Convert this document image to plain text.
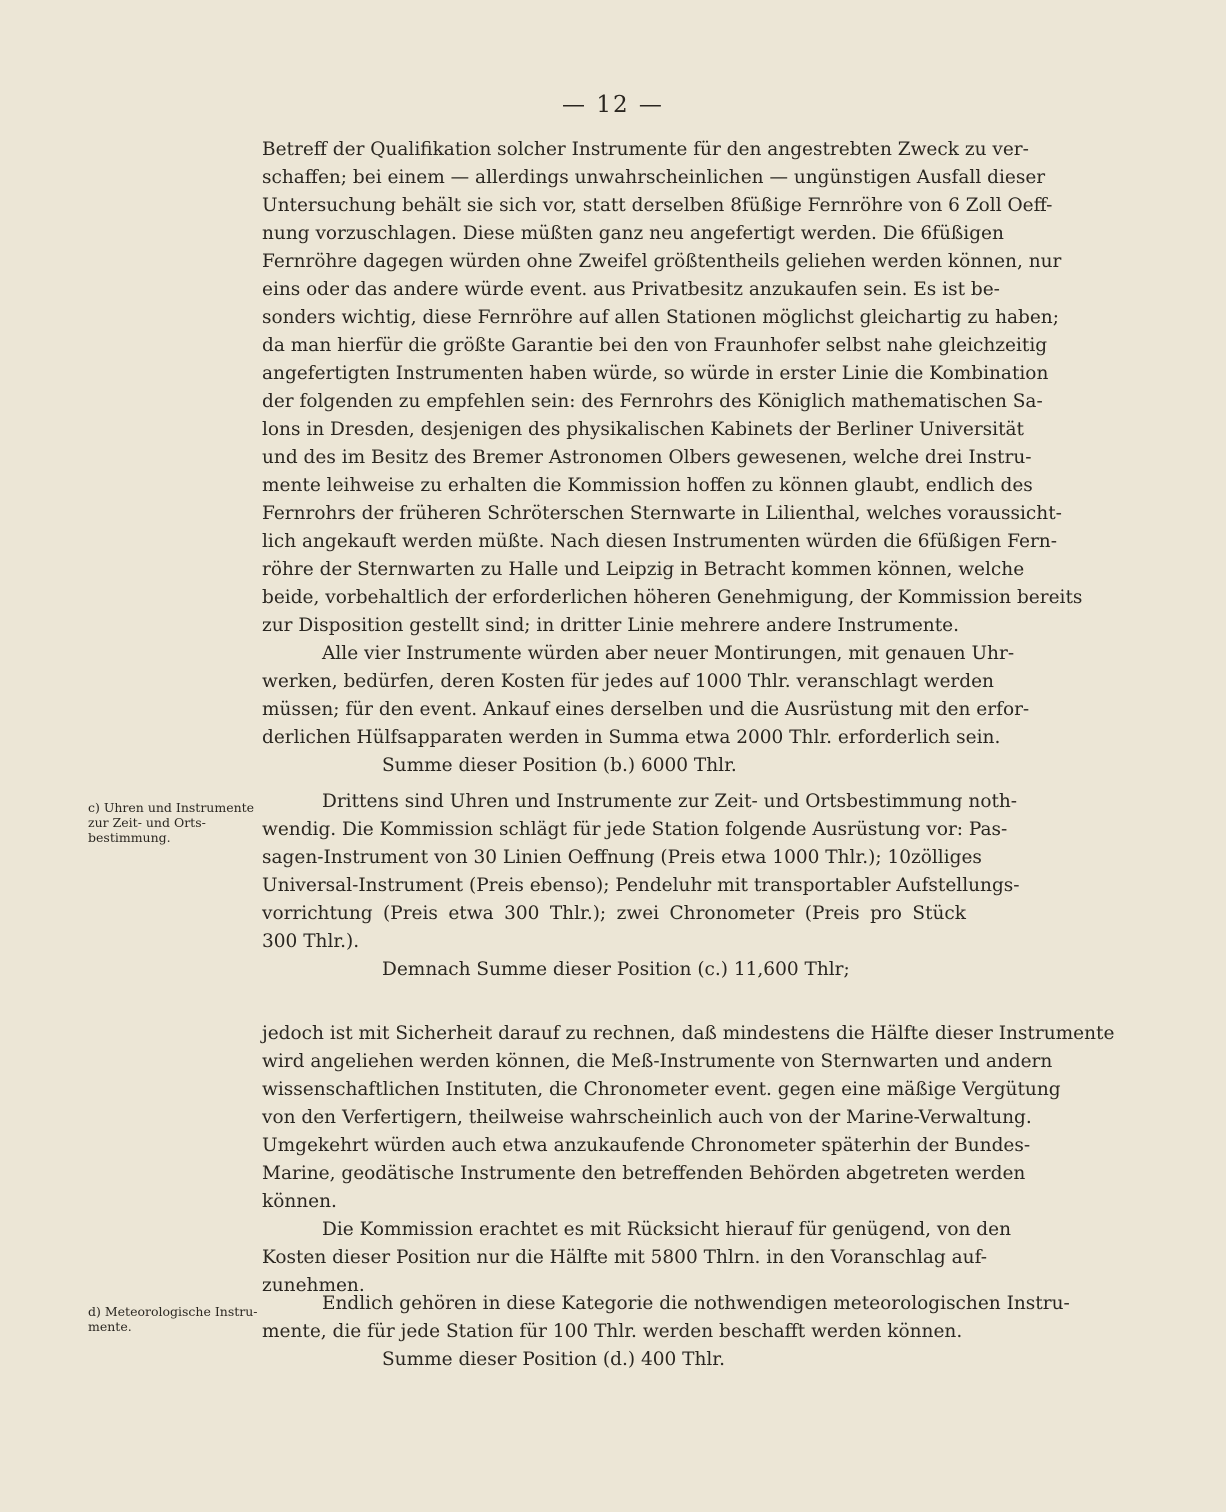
— 12 —
Betreff der Qualifikation solcher Instrumente für den angestrebten Zweck zu ver-
schaffen; bei einem — allerdings unwahrscheinlichen — ungünstigen Ausfall dieser
Untersuchung behält sie sich vor, statt derselben 8füßige Fernröhre von 6 Zoll Oeff-
nung vorzuschlagen. Diese müßten ganz neu angefertigt werden. Die 6füßigen
Fernröhre dagegen würden ohne Zweifel größtentheils geliehen werden können, nur
eins oder das andere würde event. aus Privatbesitz anzukaufen sein. Es ist be-
sonders wichtig, diese Fernröhre auf allen Stationen möglichst gleichartig zu haben;
da man hierfür die größte Garantie bei den von Fraunhofer selbst nahe gleichzeitig
angefertigten Instrumenten haben würde, so würde in erster Linie die Kombination
der folgenden zu empfehlen sein: des Fernrohrs des Königlich mathematischen Sa-
lons in Dresden, desjenigen des physikalischen Kabinets der Berliner Universität
und des im Besitz des Bremer Astronomen Olbers gewesenen, welche drei Instru-
mente leihweise zu erhalten die Kommission hoffen zu können glaubt, endlich des
Fernrohrs der früheren Schröterschen Sternwarte in Lilienthal, welches voraussicht-
lich angekauft werden müßte. Nach diesen Instrumenten würden die 6füßigen Fern-
röhre der Sternwarten zu Halle und Leipzig in Betracht kommen können, welche
beide, vorbehaltlich der erforderlichen höheren Genehmigung, der Kommission bereits
zur Disposition gestellt sind; in dritter Linie mehrere andere Instrumente.
Alle vier Instrumente würden aber neuer Montirungen, mit genauen Uhr-
werken, bedürfen, deren Kosten für jedes auf 1000 Thlr. veranschlagt werden
müssen; für den event. Ankauf eines derselben und die Ausrüstung mit den erfor-
derlichen Hülfsapparaten werden in Summa etwa 2000 Thlr. erforderlich sein.
Summe dieser Position (b.) 6000 Thlr.
c) Uhren und Instrumente
zur Zeit- und Orts-
bestimmung.
Drittens sind Uhren und Instrumente zur Zeit- und Ortsbestimmung noth-
wendig. Die Kommission schlägt für jede Station folgende Ausrüstung vor: Pas-
sagen-Instrument von 30 Linien Oeffnung (Preis etwa 1000 Thlr.); 10zölliges
Universal-Instrument (Preis ebenso); Pendeluhr mit transportabler Aufstellungs-
vorrichtung (Preis etwa 300 Thlr.); zwei Chronometer (Preis pro Stück
300 Thlr.).
Demnach Summe dieser Position (c.) 11,600 Thlr;
jedoch ist mit Sicherheit darauf zu rechnen, daß mindestens die Hälfte dieser Instrumente
wird angeliehen werden können, die Meß-Instrumente von Sternwarten und andern
wissenschaftlichen Instituten, die Chronometer event. gegen eine mäßige Vergütung
von den Verfertigern, theilweise wahrscheinlich auch von der Marine-Verwaltung.
Umgekehrt würden auch etwa anzukaufende Chronometer späterhin der Bundes-
Marine, geodätische Instrumente den betreffenden Behörden abgetreten werden
können.
Die Kommission erachtet es mit Rücksicht hierauf für genügend, von den
Kosten dieser Position nur die Hälfte mit 5800 Thlrn. in den Voranschlag auf-
zunehmen.
d) Meteorologische Instru-
mente.
Endlich gehören in diese Kategorie die nothwendigen meteorologischen Instru-
mente, die für jede Station für 100 Thlr. werden beschafft werden können.
Summe dieser Position (d.) 400 Thlr.
